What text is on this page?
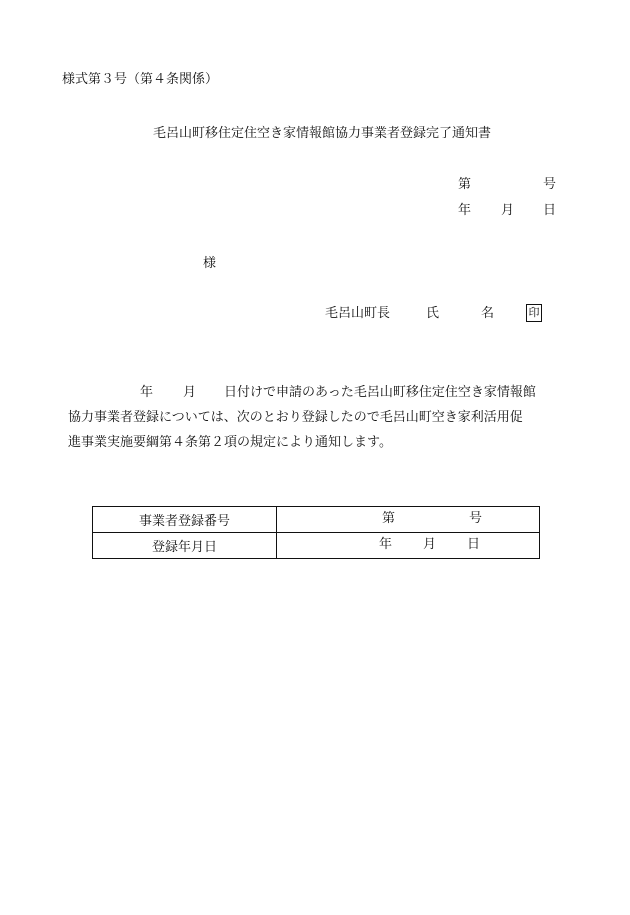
様式第３号（第４条関係）
毛呂山町移住定住空き家情報館協力事業者登録完了通知書
第	号
年 月 日
様
毛呂山町長	氏	名	印
年 月 日付けで申請のあった毛呂山町移住定住空き家情報館
協力事業者登録については、次のとおり登録したので毛呂山町空き家利活用促
進事業実施要綱第４条第２項の規定により通知します。
事業者登録番号	第 号

登録年月日	年 月 日
